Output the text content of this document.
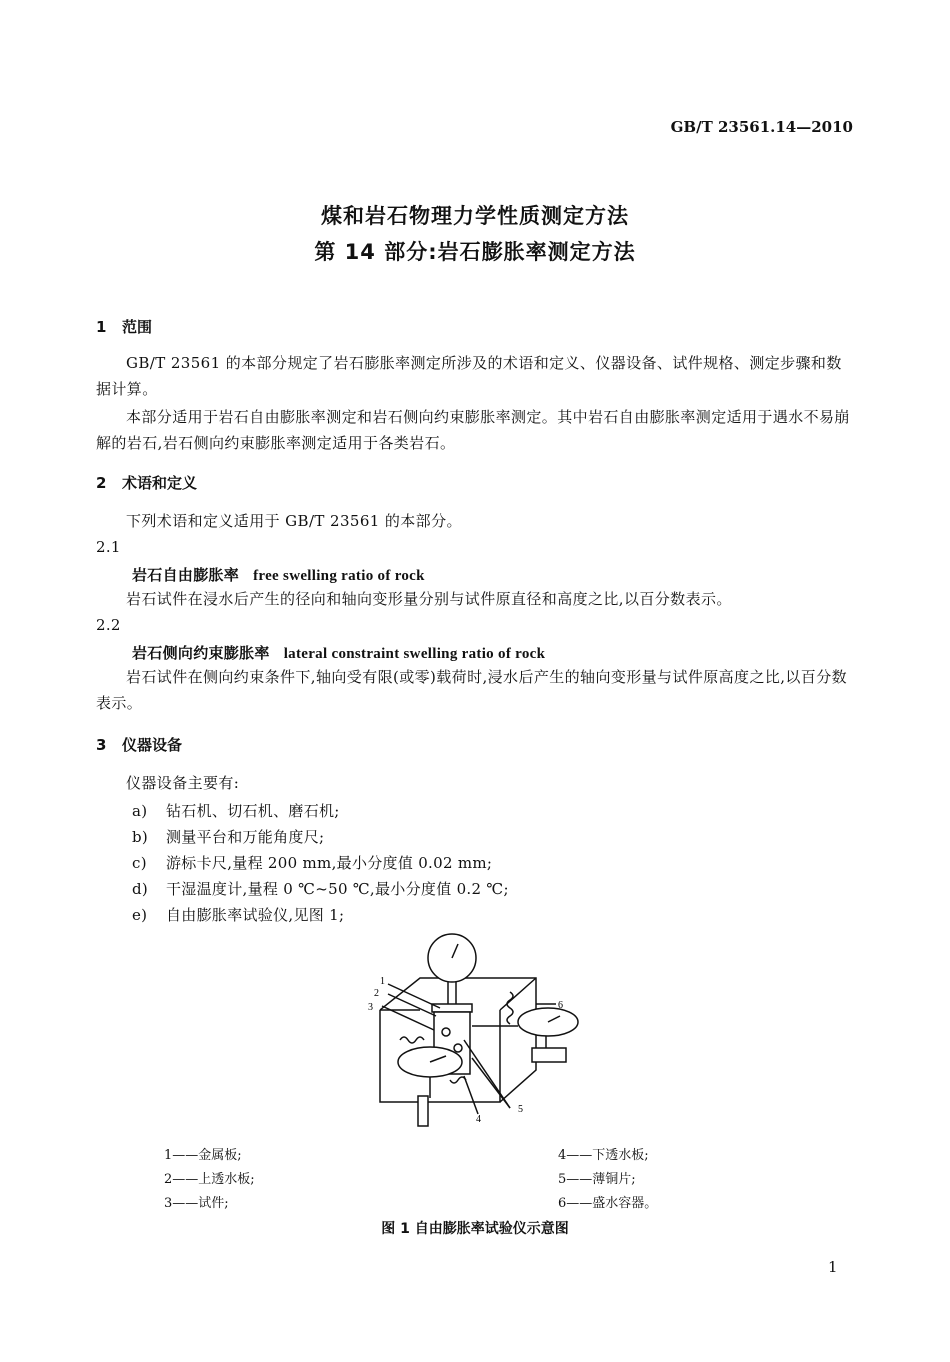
GB/T 23561.14—2010
煤和岩石物理力学性质测定方法
第 14 部分:岩石膨胀率测定方法
1 范围
GB/T 23561 的本部分规定了岩石膨胀率测定所涉及的术语和定义、仪器设备、试件规格、测定步骤和数据计算。
本部分适用于岩石自由膨胀率测定和岩石侧向约束膨胀率测定。其中岩石自由膨胀率测定适用于遇水不易崩解的岩石,岩石侧向约束膨胀率测定适用于各类岩石。
2 术语和定义
下列术语和定义适用于 GB/T 23561 的本部分。
2.1
岩石自由膨胀率 free swelling ratio of rock
岩石试件在浸水后产生的径向和轴向变形量分别与试件原直径和高度之比,以百分数表示。
2.2
岩石侧向约束膨胀率 lateral constraint swelling ratio of rock
岩石试件在侧向约束条件下,轴向受有限(或零)载荷时,浸水后产生的轴向变形量与试件原高度之比,以百分数表示。
3 仪器设备
仪器设备主要有:
a) 钻石机、切石机、磨石机;
b) 测量平台和万能角度尺;
c) 游标卡尺,量程 200 mm,最小分度值 0.02 mm;
d) 干湿温度计,量程 0 ℃~50 ℃,最小分度值 0.2 ℃;
e) 自由膨胀率试验仪,见图 1;
1
2
3
4
5
6
1——金属板;
2——上透水板;
3——试件;
4——下透水板;
5——薄铜片;
6——盛水容器。
图 1 自由膨胀率试验仪示意图
1
